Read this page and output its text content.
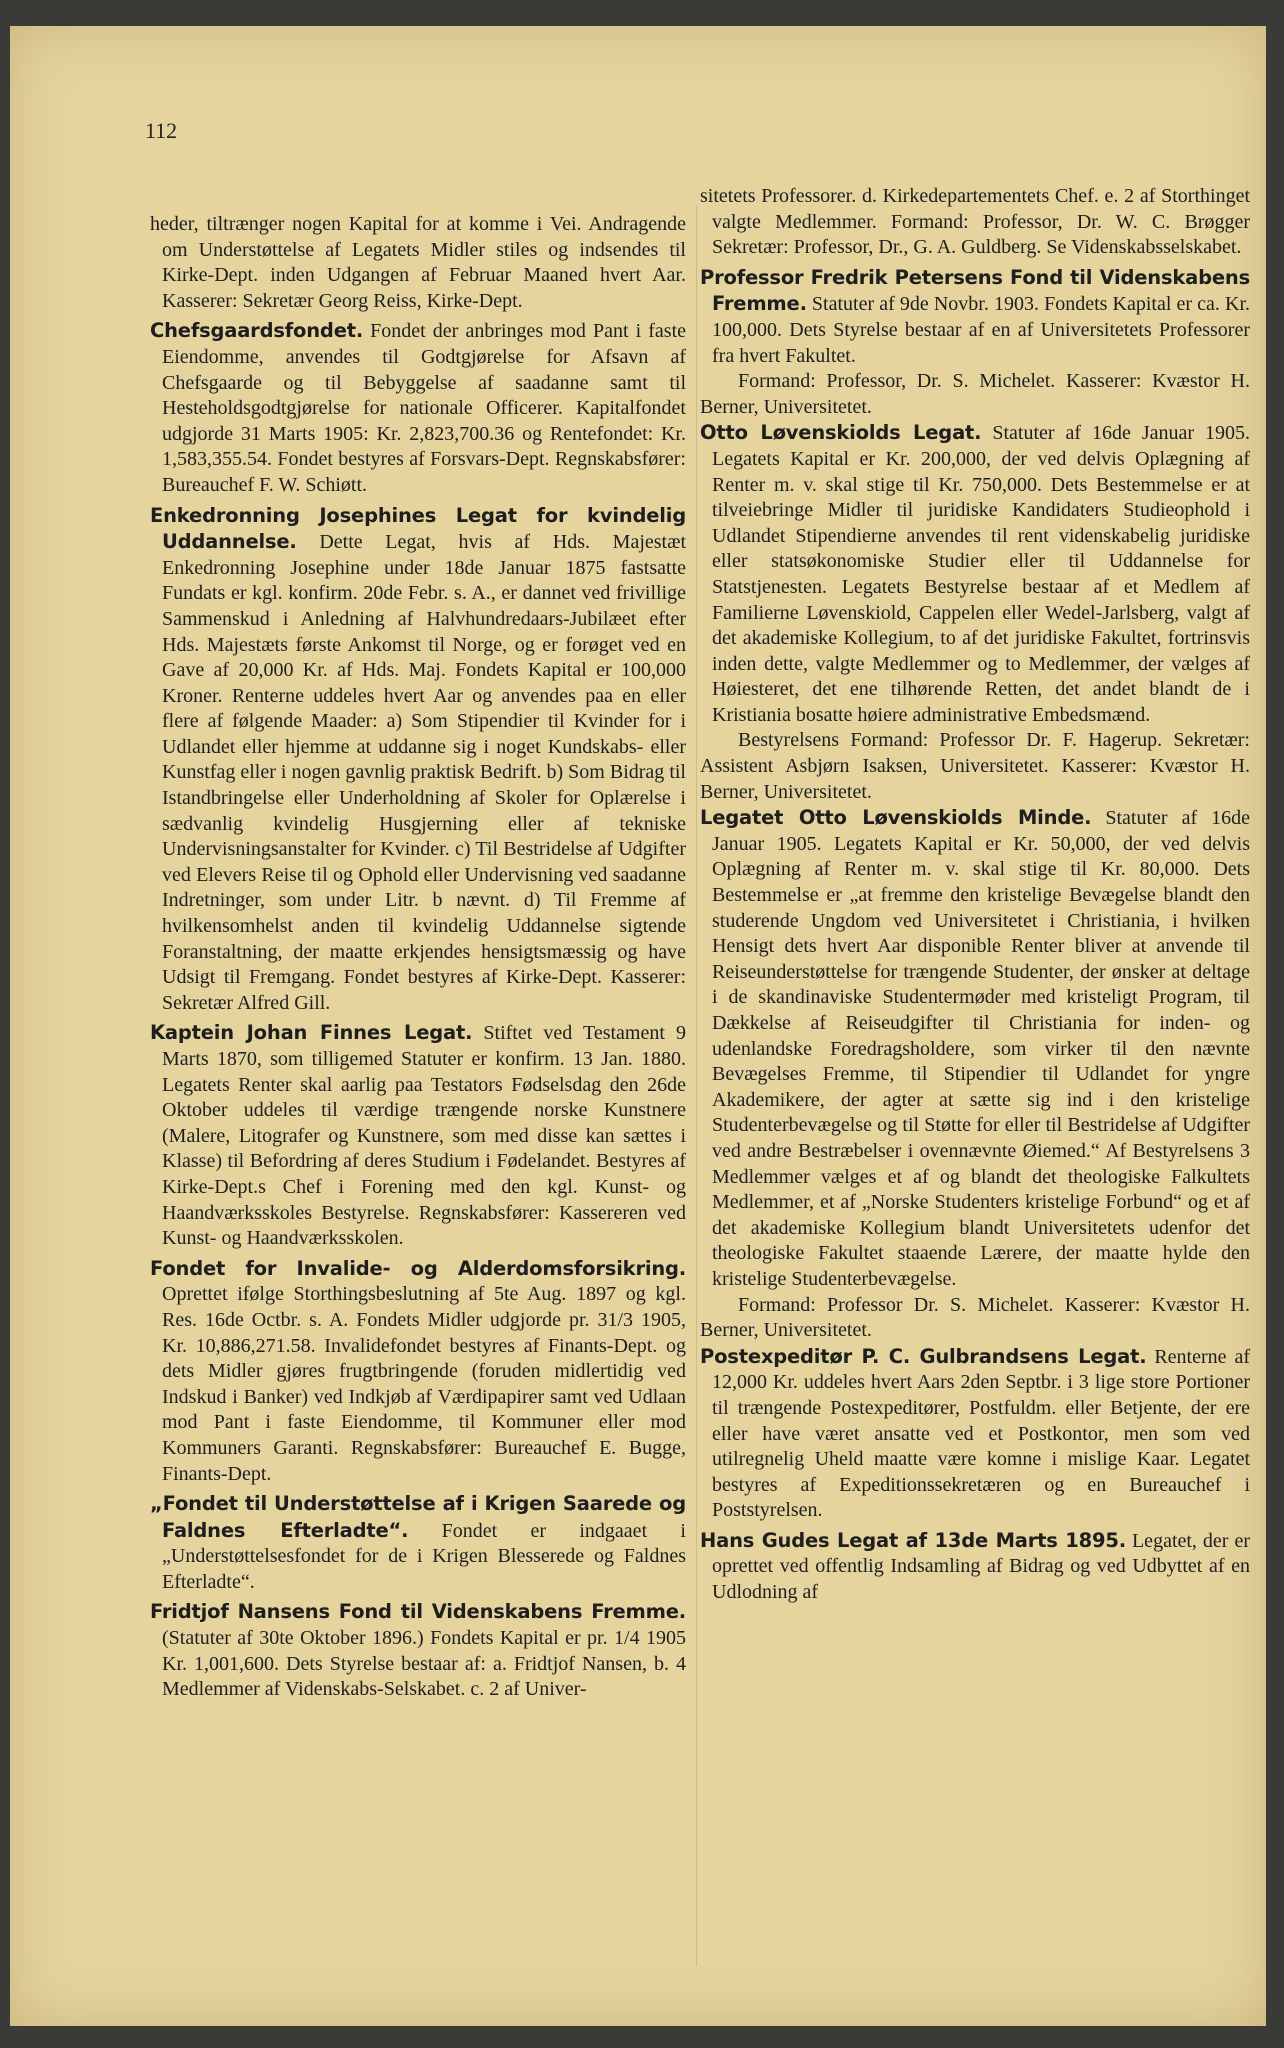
112

heder, tiltrænger nogen Kapital for at komme i Vei. Andragende om Understøttelse af Legatets Midler stiles og indsendes til Kirke-Dept. inden Udgangen af Februar Maaned hvert Aar. Kasserer: Sekretær Georg Reiss, Kirke-Dept.

Chefsgaardsfondet. Fondet der anbringes mod Pant i faste Eiendomme, anvendes til Godtgjørelse for Afsavn af Chefsgaarde og til Bebyggelse af saadanne samt til Hesteholdsgodtgjørelse for nationale Officerer. Kapitalfondet udgjorde 31 Marts 1905: Kr. 2,823,700.36 og Rentefondet: Kr. 1,583,355.54. Fondet bestyres af Forsvars-Dept. Regnskabsfører: Bureauchef F. W. Schiøtt.

Enkedronning Josephines Legat for kvindelig Uddannelse. Dette Legat, hvis af Hds. Majestæt Enkedronning Josephine under 18de Januar 1875 fastsatte Fundats er kgl. konfirm. 20de Febr. s. A., er dannet ved frivillige Sammenskud i Anledning af Halvhundredaars-Jubilæet efter Hds. Majestæts første Ankomst til Norge, og er forøget ved en Gave af 20,000 Kr. af Hds. Maj. Fondets Kapital er 100,000 Kroner. Renterne uddeles hvert Aar og anvendes paa en eller flere af følgende Maader: a) Som Stipendier til Kvinder for i Udlandet eller hjemme at uddanne sig i noget Kundskabs- eller Kunstfag eller i nogen gavnlig praktisk Bedrift. b) Som Bidrag til Istandbringelse eller Underholdning af Skoler for Oplærelse i sædvanlig kvindelig Husgjerning eller af tekniske Undervisningsanstalter for Kvinder. c) Til Bestridelse af Udgifter ved Elevers Reise til og Ophold eller Undervisning ved saadanne Indretninger, som under Litr. b nævnt. d) Til Fremme af hvilkensomhelst anden til kvindelig Uddannelse sigtende Foranstaltning, der maatte erkjendes hensigtsmæssig og have Udsigt til Fremgang. Fondet bestyres af Kirke-Dept. Kasserer: Sekretær Alfred Gill.

Kaptein Johan Finnes Legat. Stiftet ved Testament 9 Marts 1870, som tilligemed Statuter er konfirm. 13 Jan. 1880. Legatets Renter skal aarlig paa Testators Fødselsdag den 26de Oktober uddeles til værdige trængende norske Kunstnere (Malere, Litografer og Kunstnere, som med disse kan sættes i Klasse) til Befordring af deres Studium i Fødelandet. Bestyres af Kirke-Dept.s Chef i Forening med den kgl. Kunst- og Haandværksskoles Bestyrelse. Regnskabsfører: Kassereren ved Kunst- og Haandværksskolen.

Fondet for Invalide- og Alderdomsforsikring. Oprettet ifølge Storthingsbeslutning af 5te Aug. 1897 og kgl. Res. 16de Octbr. s. A. Fondets Midler udgjorde pr. 31/3 1905, Kr. 10,886,271.58. Invalidefondet bestyres af Finants-Dept. og dets Midler gjøres frugtbringende (foruden midlertidig ved Indskud i Banker) ved Indkjøb af Værdipapirer samt ved Udlaan mod Pant i faste Eiendomme, til Kommuner eller mod Kommuners Garanti. Regnskabsfører: Bureauchef E. Bugge, Finants-Dept.

„Fondet til Understøttelse af i Krigen Saarede og Faldnes Efterladte“. Fondet er indgaaet i „Understøttelsesfondet for de i Krigen Blesserede og Faldnes Efterladte“.

Fridtjof Nansens Fond til Videnskabens Fremme. (Statuter af 30te Oktober 1896.) Fondets Kapital er pr. 1/4 1905 Kr. 1,001,600. Dets Styrelse bestaar af: a. Fridtjof Nansen, b. 4 Medlemmer af Videnskabs-Selskabet. c. 2 af Univer-

sitetets Professorer. d. Kirkedepartementets Chef. e. 2 af Storthinget valgte Medlemmer. Formand: Professor, Dr. W. C. Brøgger Sekretær: Professor, Dr., G. A. Guldberg. Se Videnskabsselskabet.

Professor Fredrik Petersens Fond til Videnskabens Fremme. Statuter af 9de Novbr. 1903. Fondets Kapital er ca. Kr. 100,000. Dets Styrelse bestaar af en af Universitetets Professorer fra hvert Fakultet.

Formand: Professor, Dr. S. Michelet. Kasserer: Kvæstor H. Berner, Universitetet.

Otto Løvenskiolds Legat. Statuter af 16de Januar 1905. Legatets Kapital er Kr. 200,000, der ved delvis Oplægning af Renter m. v. skal stige til Kr. 750,000. Dets Bestemmelse er at tilveiebringe Midler til juridiske Kandidaters Studieophold i Udlandet Stipendierne anvendes til rent videnskabelig juridiske eller statsøkonomiske Studier eller til Uddannelse for Statstjenesten. Legatets Bestyrelse bestaar af et Medlem af Familierne Løvenskiold, Cappelen eller Wedel-Jarlsberg, valgt af det akademiske Kollegium, to af det juridiske Fakultet, fortrinsvis inden dette, valgte Medlemmer og to Medlemmer, der vælges af Høiesteret, det ene tilhørende Retten, det andet blandt de i Kristiania bosatte høiere administrative Embedsmænd.

Bestyrelsens Formand: Professor Dr. F. Hagerup. Sekretær: Assistent Asbjørn Isaksen, Universitetet. Kasserer: Kvæstor H. Berner, Universitetet.

Legatet Otto Løvenskiolds Minde. Statuter af 16de Januar 1905. Legatets Kapital er Kr. 50,000, der ved delvis Oplægning af Renter m. v. skal stige til Kr. 80,000. Dets Bestemmelse er „at fremme den kristelige Bevægelse blandt den studerende Ungdom ved Universitetet i Christiania, i hvilken Hensigt dets hvert Aar disponible Renter bliver at anvende til Reiseunderstøttelse for trængende Studenter, der ønsker at deltage i de skandinaviske Studentermøder med kristeligt Program, til Dækkelse af Reiseudgifter til Christiania for inden- og udenlandske Foredragsholdere, som virker til den nævnte Bevægelses Fremme, til Stipendier til Udlandet for yngre Akademikere, der agter at sætte sig ind i den kristelige Studenterbevægelse og til Støtte for eller til Bestridelse af Udgifter ved andre Bestræbelser i ovennævnte Øiemed.“ Af Bestyrelsens 3 Medlemmer vælges et af og blandt det theologiske Falkultets Medlemmer, et af „Norske Studenters kristelige Forbund“ og et af det akademiske Kollegium blandt Universitetets udenfor det theologiske Fakultet staaende Lærere, der maatte hylde den kristelige Studenterbevægelse.

Formand: Professor Dr. S. Michelet. Kasserer: Kvæstor H. Berner, Universitetet.

Postexpeditør P. C. Gulbrandsens Legat. Renterne af 12,000 Kr. uddeles hvert Aars 2den Septbr. i 3 lige store Portioner til trængende Postexpeditører, Postfuldm. eller Betjente, der ere eller have været ansatte ved et Postkontor, men som ved utilregnelig Uheld maatte være komne i mislige Kaar. Legatet bestyres af Expeditionssekretæren og en Bureauchef i Poststyrelsen.

Hans Gudes Legat af 13de Marts 1895. Legatet, der er oprettet ved offentlig Indsamling af Bidrag og ved Udbyttet af en Udlodning af
